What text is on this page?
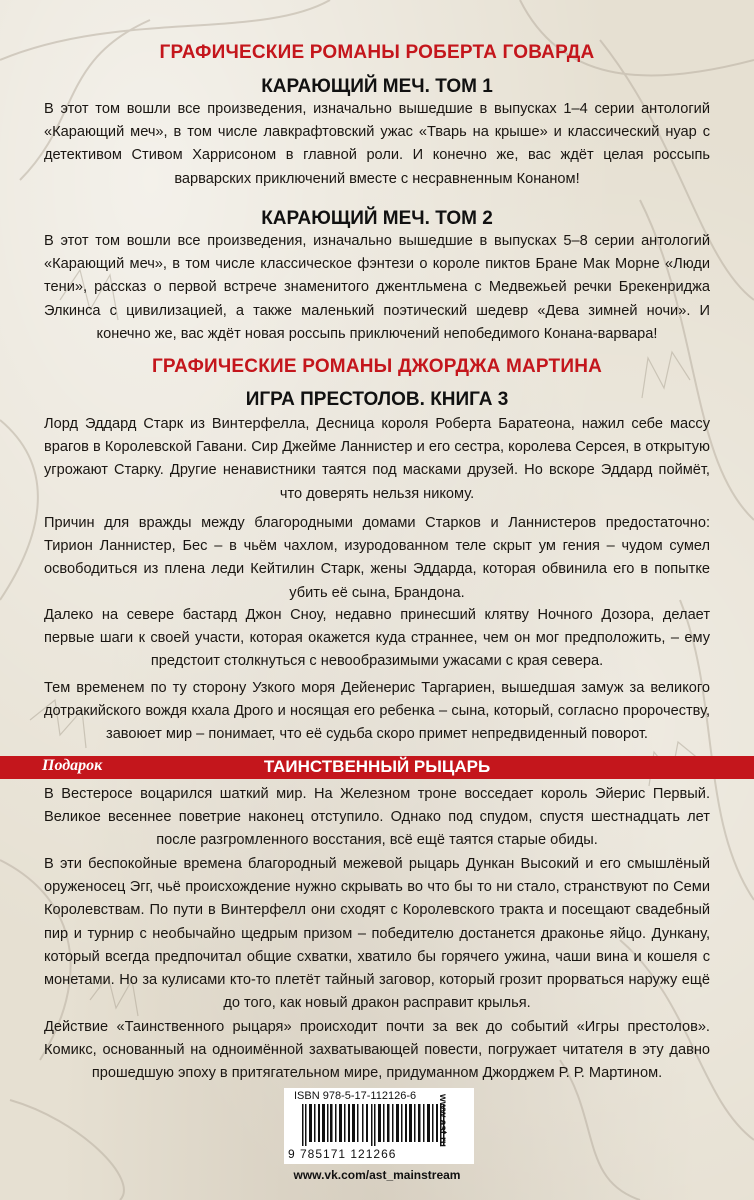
ГРАФИЧЕСКИЕ РОМАНЫ РОБЕРТА ГОВАРДА
КАРАЮЩИЙ МЕЧ. ТОМ 1

В этот том вошли все произведения, изначально вышедшие в выпусках 1–4 серии антологий «Карающий меч», в том числе лавкрафтовский ужас «Тварь на крыше» и классический нуар с детективом Стивом Харрисоном в главной роли. И конечно же, вас ждёт целая россыпь варварских приключений вместе с несравненным Конаном!

КАРАЮЩИЙ МЕЧ. ТОМ 2

В этот том вошли все произведения, изначально вышедшие в выпусках 5–8 серии антологий «Карающий меч», в том числе классическое фэнтези о короле пиктов Бране Мак Морне «Люди тени», рассказ о первой встрече знаменитого джентльмена с Медвежьей речки Брекенриджа Элкинса с цивилизацией, а также маленький поэтический шедевр «Дева зимней ночи». И конечно же, вас ждёт новая россыпь приключений непобедимого Конана-варвара!

ГРАФИЧЕСКИЕ РОМАНЫ ДЖОРДЖА МАРТИНА
ИГРА ПРЕСТОЛОВ. КНИГА 3

Лорд Эддард Старк из Винтерфелла, Десница короля Роберта Баратеона, нажил себе массу врагов в Королевской Гавани. Сир Джейме Ланнистер и его сестра, королева Серсея, в открытую угрожают Старку. Другие ненавистники таятся под масками друзей. Но вскоре Эддард поймёт, что доверять нельзя никому.

Причин для вражды между благородными домами Старков и Ланнистеров предостаточно: Тирион Ланнистер, Бес – в чьём чахлом, изуродованном теле скрыт ум гения – чудом сумел освободиться из плена леди Кейтилин Старк, жены Эддарда, которая обвинила его в попытке убить её сына, Брандона.

Далеко на севере бастард Джон Сноу, недавно принесший клятву Ночного Дозора, делает первые шаги к своей участи, которая окажется куда страннее, чем он мог предположить, – ему предстоит столкнуться с невообразимыми ужасами с края севера.

Тем временем по ту сторону Узкого моря Дейенерис Таргариен, вышедшая замуж за великого дотракийского вождя кхала Дрого и носящая его ребенка – сына, который, согласно пророчеству, завоюет мир – понимает, что её судьба скоро примет непредвиденный поворот.

Подарок	ТАИНСТВЕННЫЙ РЫЦАРЬ

В Вестеросе воцарился шаткий мир. На Железном троне восседает король Эйерис Первый. Великое весеннее поветрие наконец отступило. Однако под спудом, спустя шестнадцать лет после разгромленного восстания, всё ещё таятся старые обиды.

В эти беспокойные времена благородный межевой рыцарь Дункан Высокий и его смышлёный оруженосец Эгг, чьё происхождение нужно скрывать во что бы то ни стало, странствуют по Семи Королевствам. По пути в Винтерфелл они сходят с Королевского тракта и посещают свадебный пир и турнир с необычайно щедрым призом – победителю достанется драконье яйцо. Дункану, который всегда предпочитал общие схватки, хватило бы горячего ужина, чаши вина и кошеля с монетами. Но за кулисами кто-то плетёт тайный заговор, который грозит прорваться наружу ещё до того, как новый дракон расправит крылья.

Действие «Таинственного рыцаря» происходит почти за век до событий «Игры престолов». Комикс, основанный на одноимённой захватывающей повести, погружает читателя в эту давно прошедшую эпоху в притягательном мире, придуманном Джорджем Р. Р. Мартином.

ISBN 978-5-17-112126-6
9 785171 121266
www.ast.ru
www.vk.com/ast_mainstream
